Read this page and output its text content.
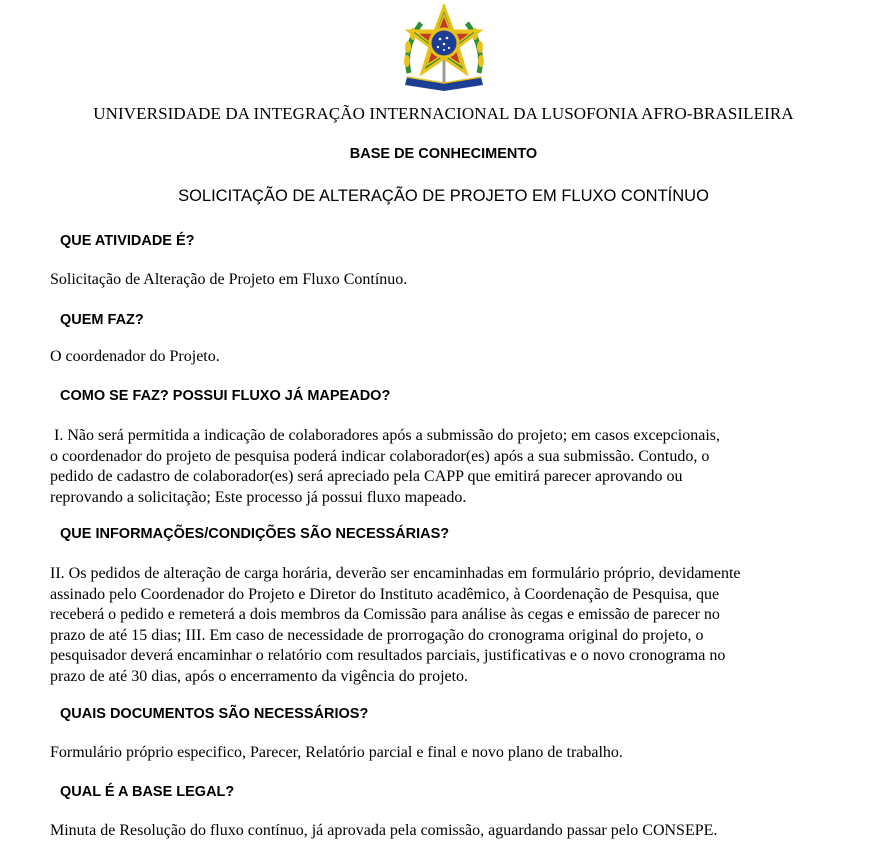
UNIVERSIDADE DA INTEGRAÇÃO INTERNACIONAL DA LUSOFONIA AFRO-BRASILEIRA
BASE DE CONHECIMENTO
SOLICITAÇÃO DE ALTERAÇÃO DE PROJETO EM FLUXO CONTÍNUO
QUE ATIVIDADE É?
Solicitação de Alteração de Projeto em Fluxo Contínuo.
QUEM FAZ?
O coordenador do Projeto.
COMO SE FAZ? POSSUI FLUXO JÁ MAPEADO?
I. Não será permitida a indicação de colaboradores após a submissão do projeto; em casos excepcionais,
o coordenador do projeto de pesquisa poderá indicar colaborador(es) após a sua submissão. Contudo, o
pedido de cadastro de colaborador(es) será apreciado pela CAPP que emitirá parecer aprovando ou
reprovando a solicitação; Este processo já possui fluxo mapeado.
QUE INFORMAÇÕES/CONDIÇÕES SÃO NECESSÁRIAS?
II. Os pedidos de alteração de carga horária, deverão ser encaminhadas em formulário próprio, devidamente
assinado pelo Coordenador do Projeto e Diretor do Instituto acadêmico, à Coordenação de Pesquisa, que
receberá o pedido e remeterá a dois membros da Comissão para análise às cegas e emissão de parecer no
prazo de até 15 dias; III. Em caso de necessidade de prorrogação do cronograma original do projeto, o
pesquisador deverá encaminhar o relatório com resultados parciais, justificativas e o novo cronograma no
prazo de até 30 dias, após o encerramento da vigência do projeto.
QUAIS DOCUMENTOS SÃO NECESSÁRIOS?
Formulário próprio especifico, Parecer, Relatório parcial e final e novo plano de trabalho.
QUAL É A BASE LEGAL?
Minuta de Resolução do fluxo contínuo, já aprovada pela comissão, aguardando passar pelo CONSEPE.
